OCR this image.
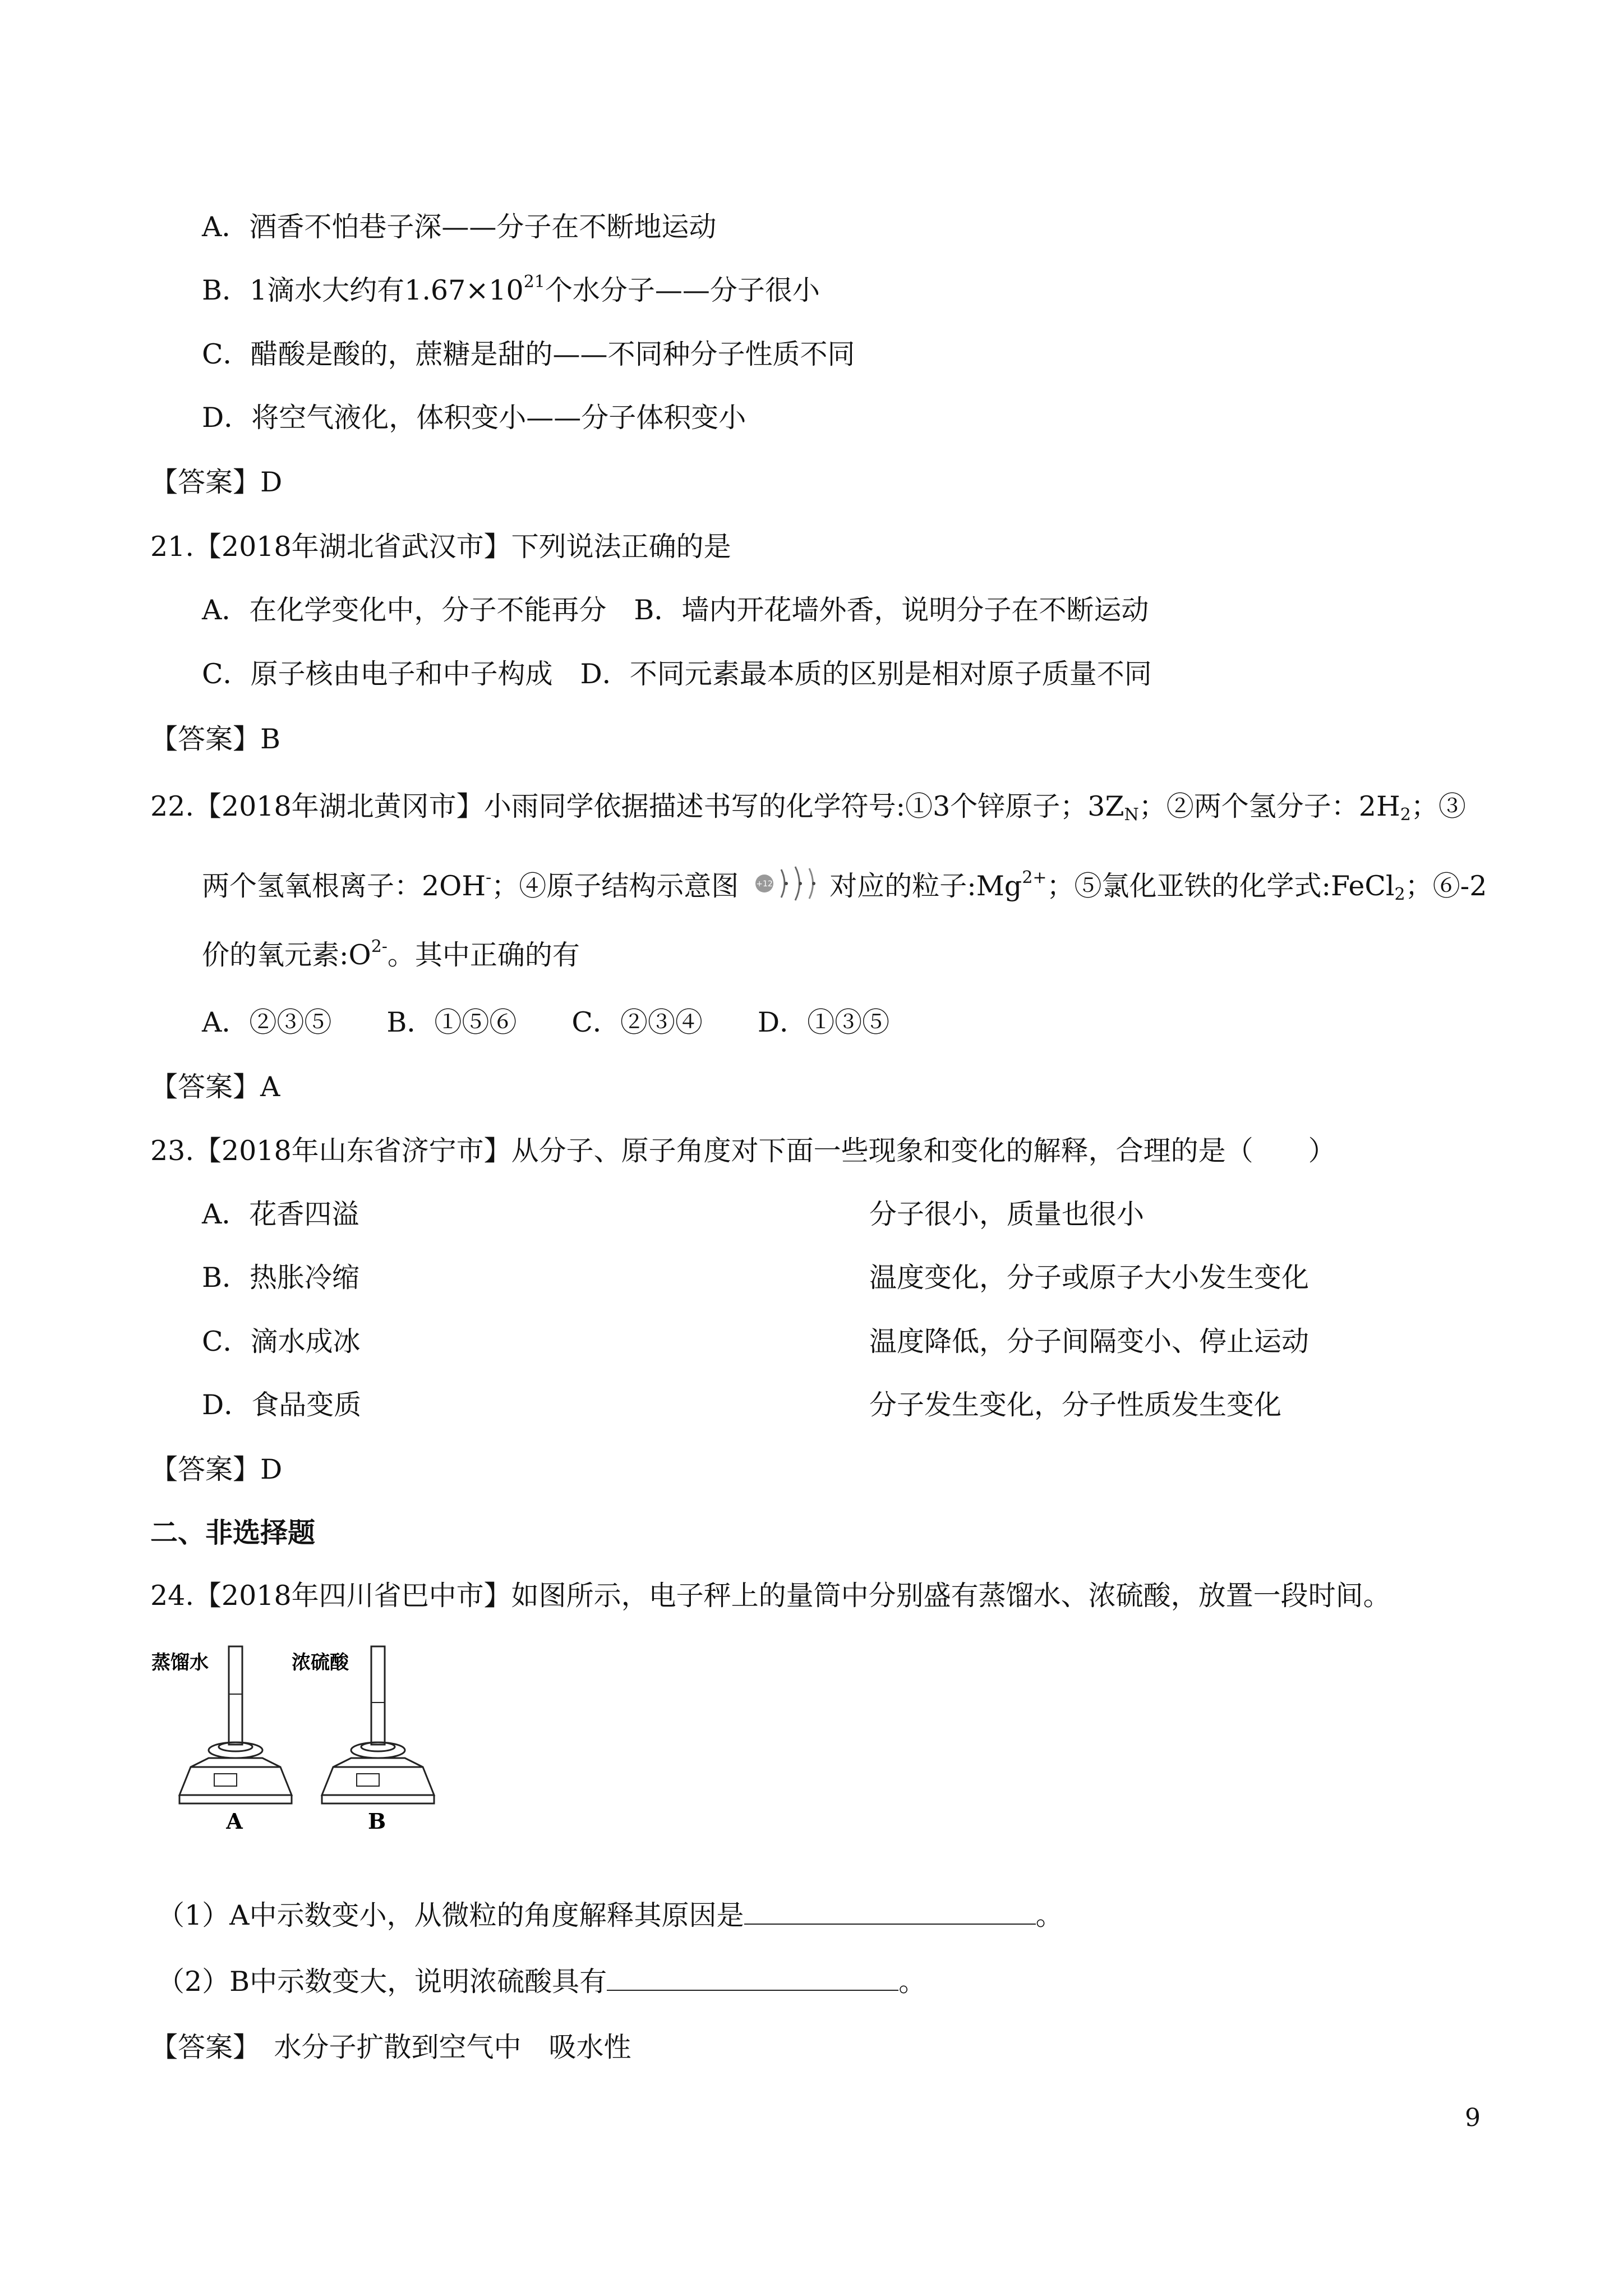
A．酒香不怕巷子深——分子在不断地运动
B．1滴水大约有$1.67\times 10^{21}$个水分子——分子很小
C．醋酸是酸的，蔗糖是甜的——不同种分子性质不同
D．将空气液化，体积变小——分子体积变小
【答案】D
21.【2018年湖北省武汉市】下列说法正确的是
A．在化学变化中，分子不能再分　B．墙内开花墙外香，说明分子在不断运动
C．原子核由电子和中子构成　D．不同元素最本质的区别是相对原子质量不同
【答案】B
22.【2018年湖北黄冈市】小雨同学依据描述书写的化学符号:①3个锌原子；$3Z_N$；②两个氢分子：$2H_2$；③
两个氢氧根离子：2OH-；④原子结构示意图 +12 对应的粒子$:Mg^{2+}$；⑤氯化亚铁的化学式:FeCl$_2$；⑥-2
价的氧元素$:O^{2-}$。其中正确的有
A．②③⑤　　B．①⑤⑥　　C．②③④　　D．①③⑤
【答案】A
23.【2018年山东省济宁市】从分子、原子角度对下面一些现象和变化的解释，合理的是（　　）
A．花香四溢	分子很小，质量也很小
B．热胀冷缩	温度变化，分子或原子大小发生变化
C．滴水成冰	温度降低，分子间隔变小、停止运动
D．食品变质	分子发生变化，分子性质发生变化
【答案】D
二、非选择题
24.【2018年四川省巴中市】如图所示，电子秤上的量筒中分别盛有蒸馏水、浓硫酸，放置一段时间。
蒸馏水
A
浓硫酸
B
（1）A中示数变小，从微粒的角度解释其原因是	。
（2）B中示数变大，说明浓硫酸具有	。
【答案】　水分子扩散到空气中　吸水性
9
